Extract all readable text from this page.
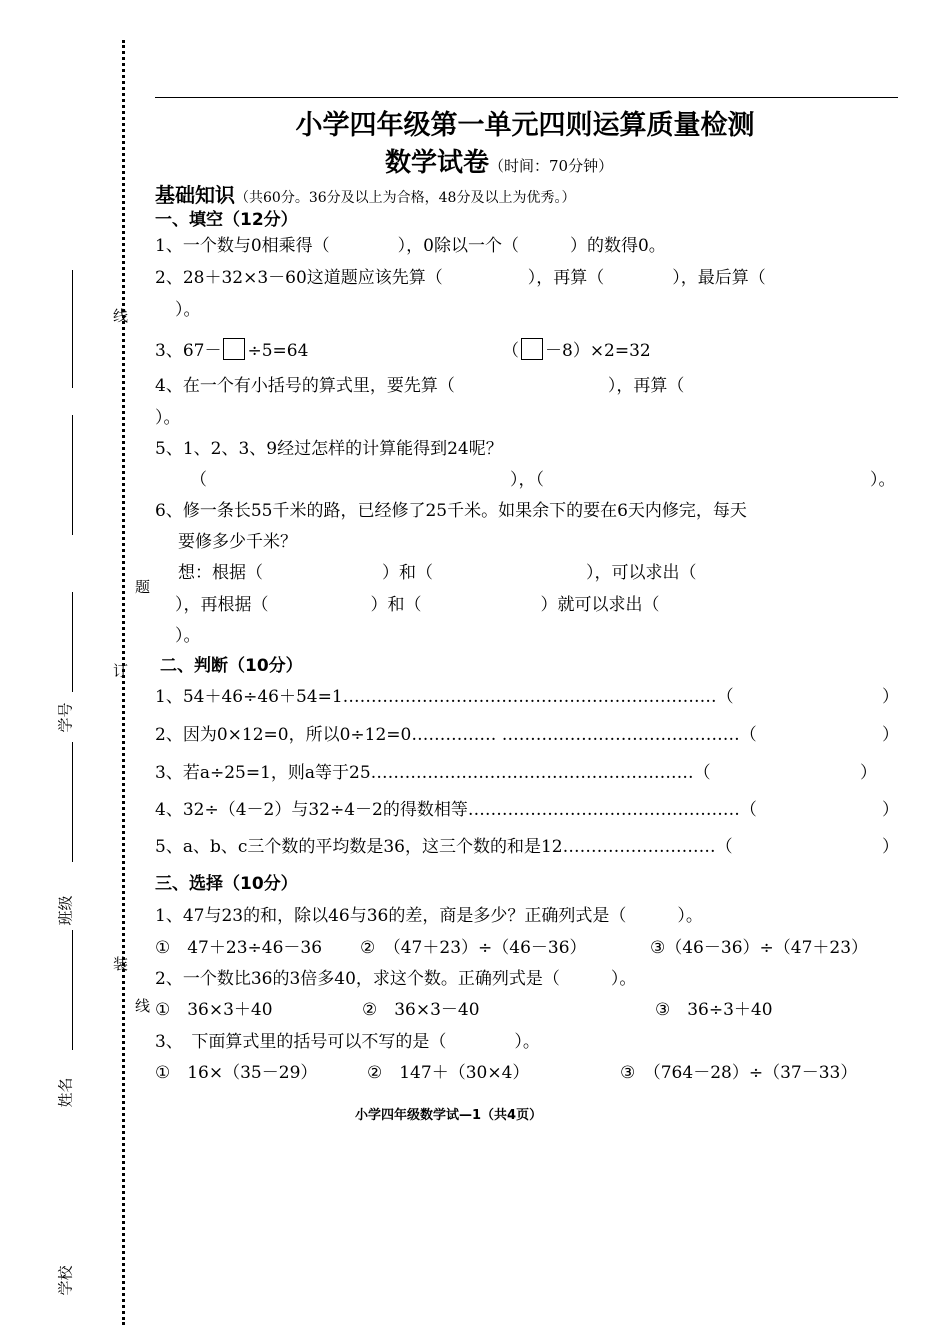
线
题
订
装
线
学号
班级
姓名
学校
小学四年级第一单元四则运算质量检测
数学试卷（时间：70分钟）
基础知识（共60分。36分及以上为合格，48分及以上为优秀。）
一、填空（12分）
1、一个数与0相乘得（　　　　），0除以一个（　　　）的数得0。
2、28＋32×3－60这道题应该先算（　　　　　），再算（　　　　），最后算（
）。
3、67－ ÷5=64	（ －8）×2=32
4、在一个有小括号的算式里，要先算（　　　　　　　　　），再算（
）。
5、1、2、3、9经过怎样的计算能得到24呢？
（	），（	）。
6、修一条长55千米的路，已经修了25千米。如果余下的要在6天内修完，每天
要修多少千米？
想：根据（　　　　　　　）和（　　　　　　　　　），可以求出（
），再根据（　　　　　　）和（　　　　　　　）就可以求出（
）。
二、判断（10分）
1、54＋46÷46＋54=1…………………………………………………………（	）
2、因为0×12=0，所以0÷12=0…………… ……………………………………（	）
3、若a÷25=1，则a等于25…………………………………………………（	）
4、32÷（4－2）与32÷4－2的得数相等…………………………………………（	）
5、a、b、c三个数的平均数是36，这三个数的和是12………………………（	）
三、选择（10分）
1、47与23的和，除以46与36的差，商是多少？正确列式是（　　　）。
①　47＋23÷46－36 ②　（47＋23）÷（46－36）	③（46－36）÷（47＋23）
2、一个数比36的3倍多40，求这个数。正确列式是（　　　）。
①　36×3＋40	②　36×3－40	③　36÷3＋40
3、　下面算式里的括号可以不写的是（　　　　）。
①　16×（35－29）	②　147＋（30×4）	③　（764－28）÷（37－33）
小学四年级数学试—1（共4页）
